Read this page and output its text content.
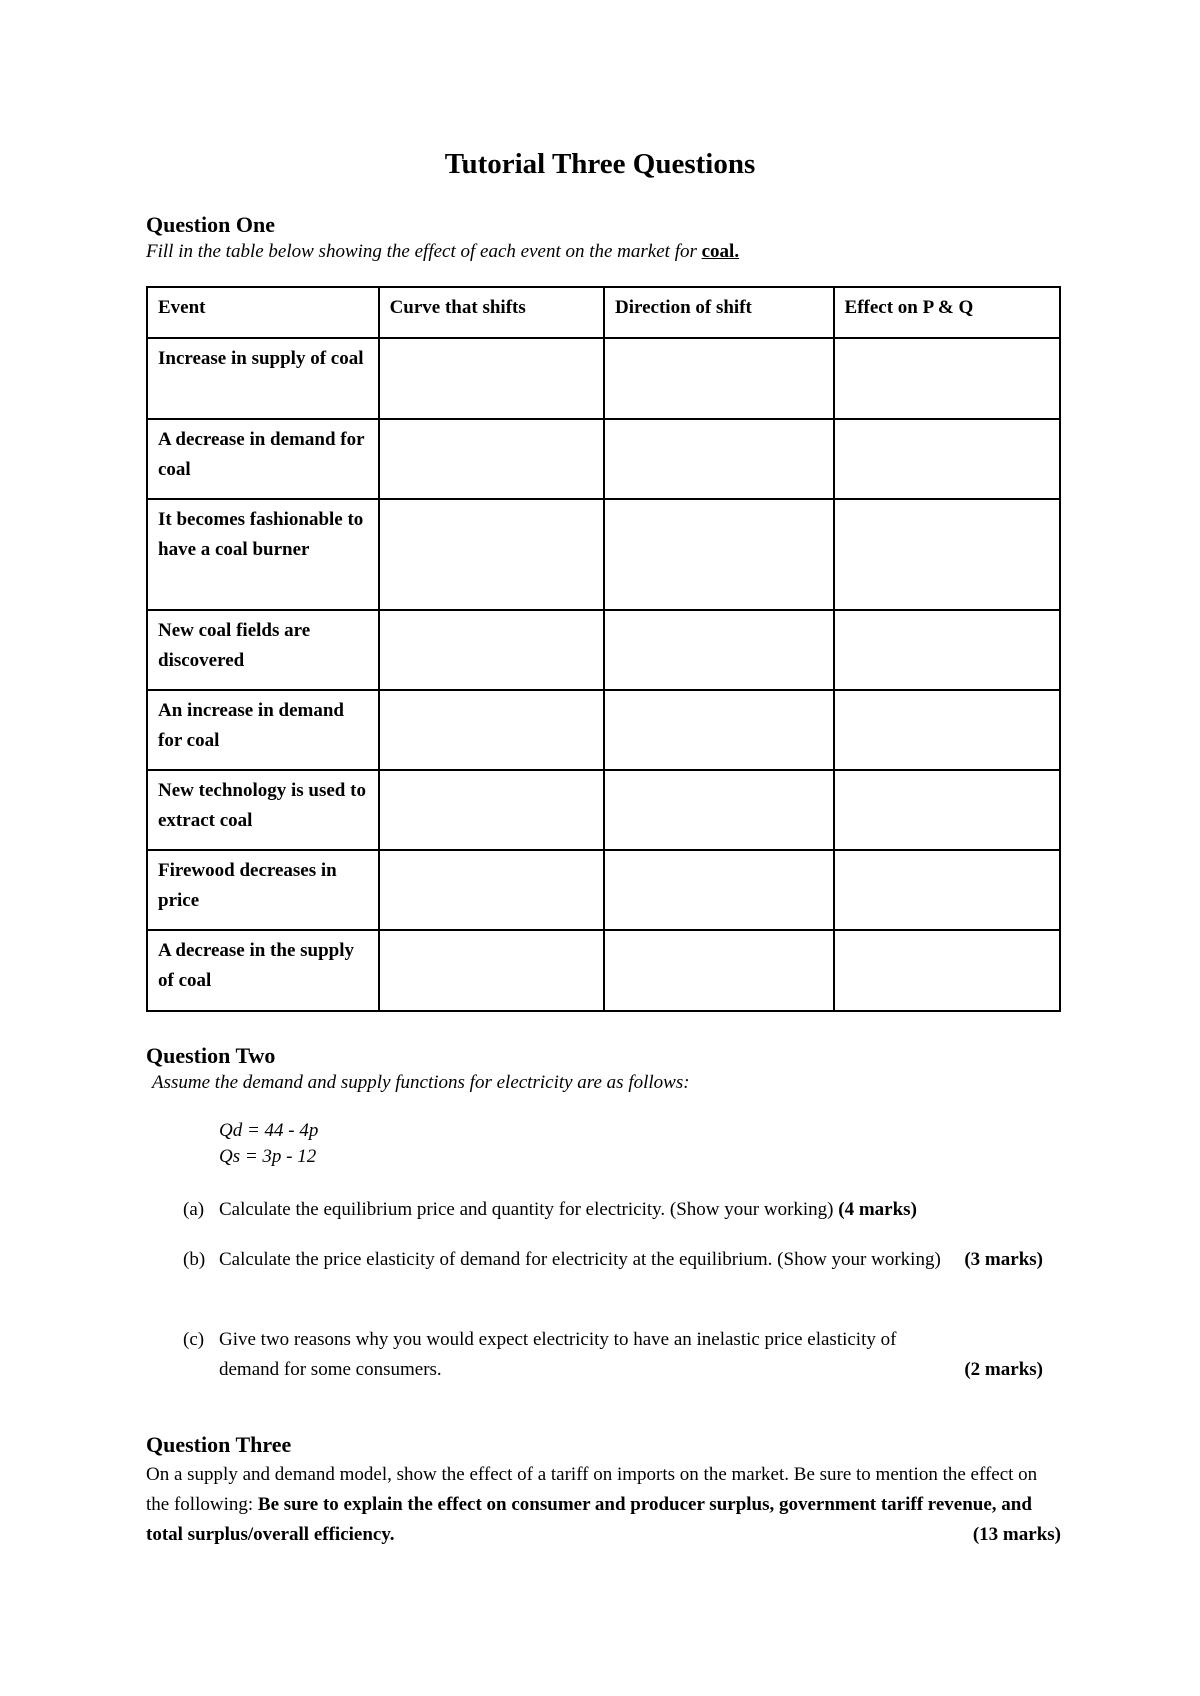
Tutorial Three Questions
Question One
Fill in the table below showing the effect of each event on the market for coal.
Event	Curve that shifts	Direction of shift	Effect on P & Q
Increase in supply of coal			
A decrease in demand for coal			
It becomes fashionable to have a coal burner			
New coal fields are discovered			
An increase in demand for coal			
New technology is used to extract coal			
Firewood decreases in price			
A decrease in the supply of coal			
Question Two
Assume the demand and supply functions for electricity are as follows:
Qd = 44 - 4p
Qs = 3p - 12
(a) Calculate the equilibrium price and quantity for electricity. (Show your working) (4 marks)
(b) Calculate the price elasticity of demand for electricity at the equilibrium. (Show your working)	(3 marks)
(c) Give two reasons why you would expect electricity to have an inelastic price elasticity of demand for some consumers.	(2 marks)
Question Three
On a supply and demand model, show the effect of a tariff on imports on the market. Be sure to mention the effect on the following: Be sure to explain the effect on consumer and producer surplus, government tariff revenue, and total surplus/overall efficiency.	(13 marks)
